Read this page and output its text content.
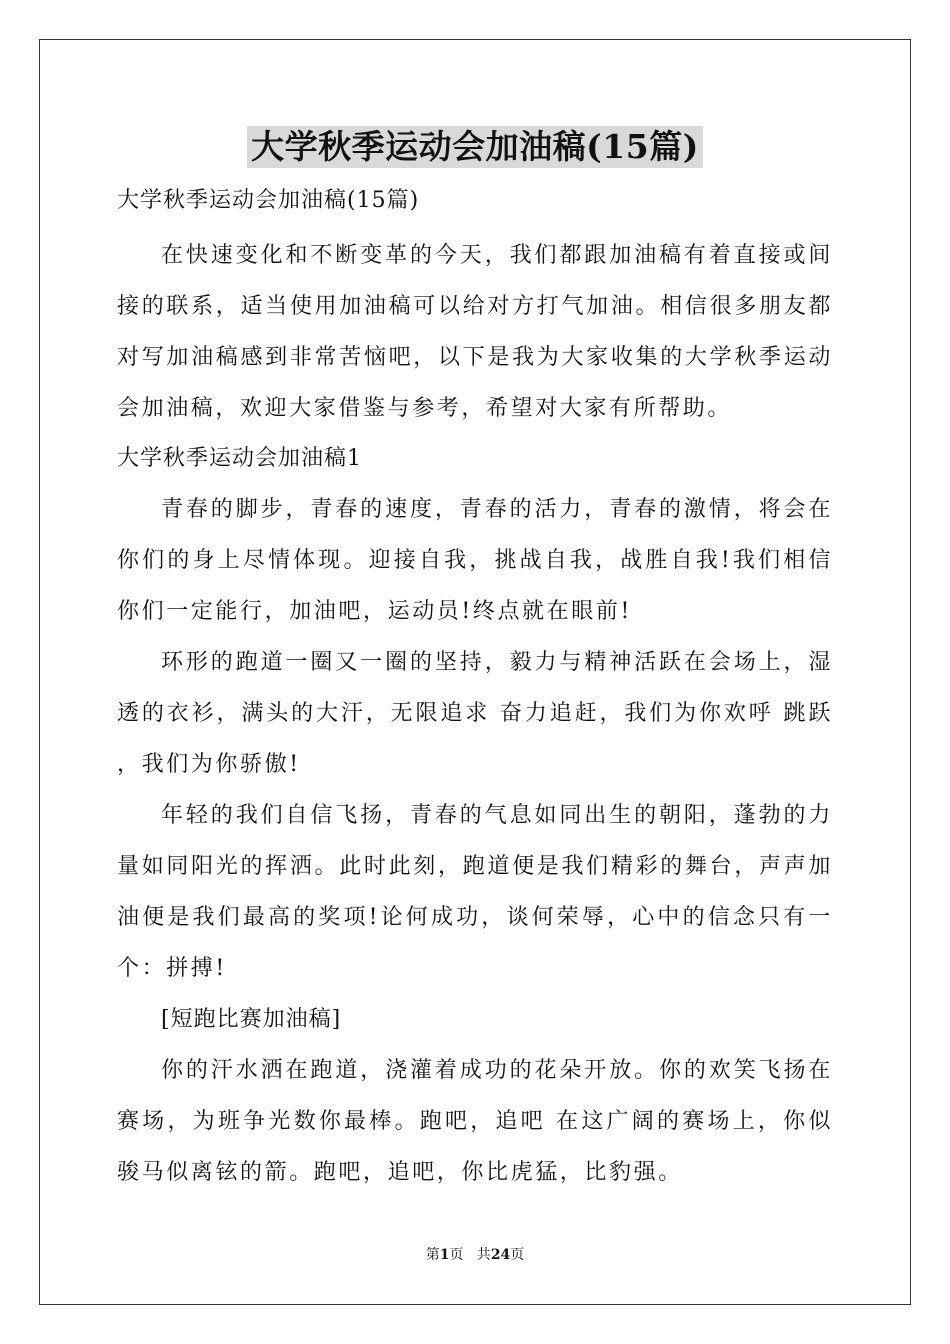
大学秋季运动会加油稿(15篇)
大学秋季运动会加油稿(15篇)

在快速变化和不断变革的今天，我们都跟加油稿有着直接或间接的联系，适当使用加油稿可以给对方打气加油。相信很多朋友都对写加油稿感到非常苦恼吧，以下是我为大家收集的大学秋季运动会加油稿，欢迎大家借鉴与参考，希望对大家有所帮助。

大学秋季运动会加油稿1

青春的脚步，青春的速度，青春的活力，青春的激情，将会在你们的身上尽情体现。迎接自我，挑战自我，战胜自我!我们相信你们一定能行，加油吧，运动员!终点就在眼前!

环形的跑道一圈又一圈的坚持，毅力与精神活跃在会场上，湿透的衣衫，满头的大汗，无限追求 奋力追赶，我们为你欢呼 跳跃 ，我们为你骄傲!

年轻的我们自信飞扬，青春的气息如同出生的朝阳，蓬勃的力量如同阳光的挥洒。此时此刻，跑道便是我们精彩的舞台，声声加油便是我们最高的奖项!论何成功，谈何荣辱，心中的信念只有一个：拼搏!

[短跑比赛加油稿]

你的汗水洒在跑道，浇灌着成功的花朵开放。你的欢笑飞扬在赛场，为班争光数你最棒。跑吧，追吧 在这广阔的赛场上，你似骏马似离铉的箭。跑吧，追吧，你比虎猛，比豹强。

第1页   共24页
